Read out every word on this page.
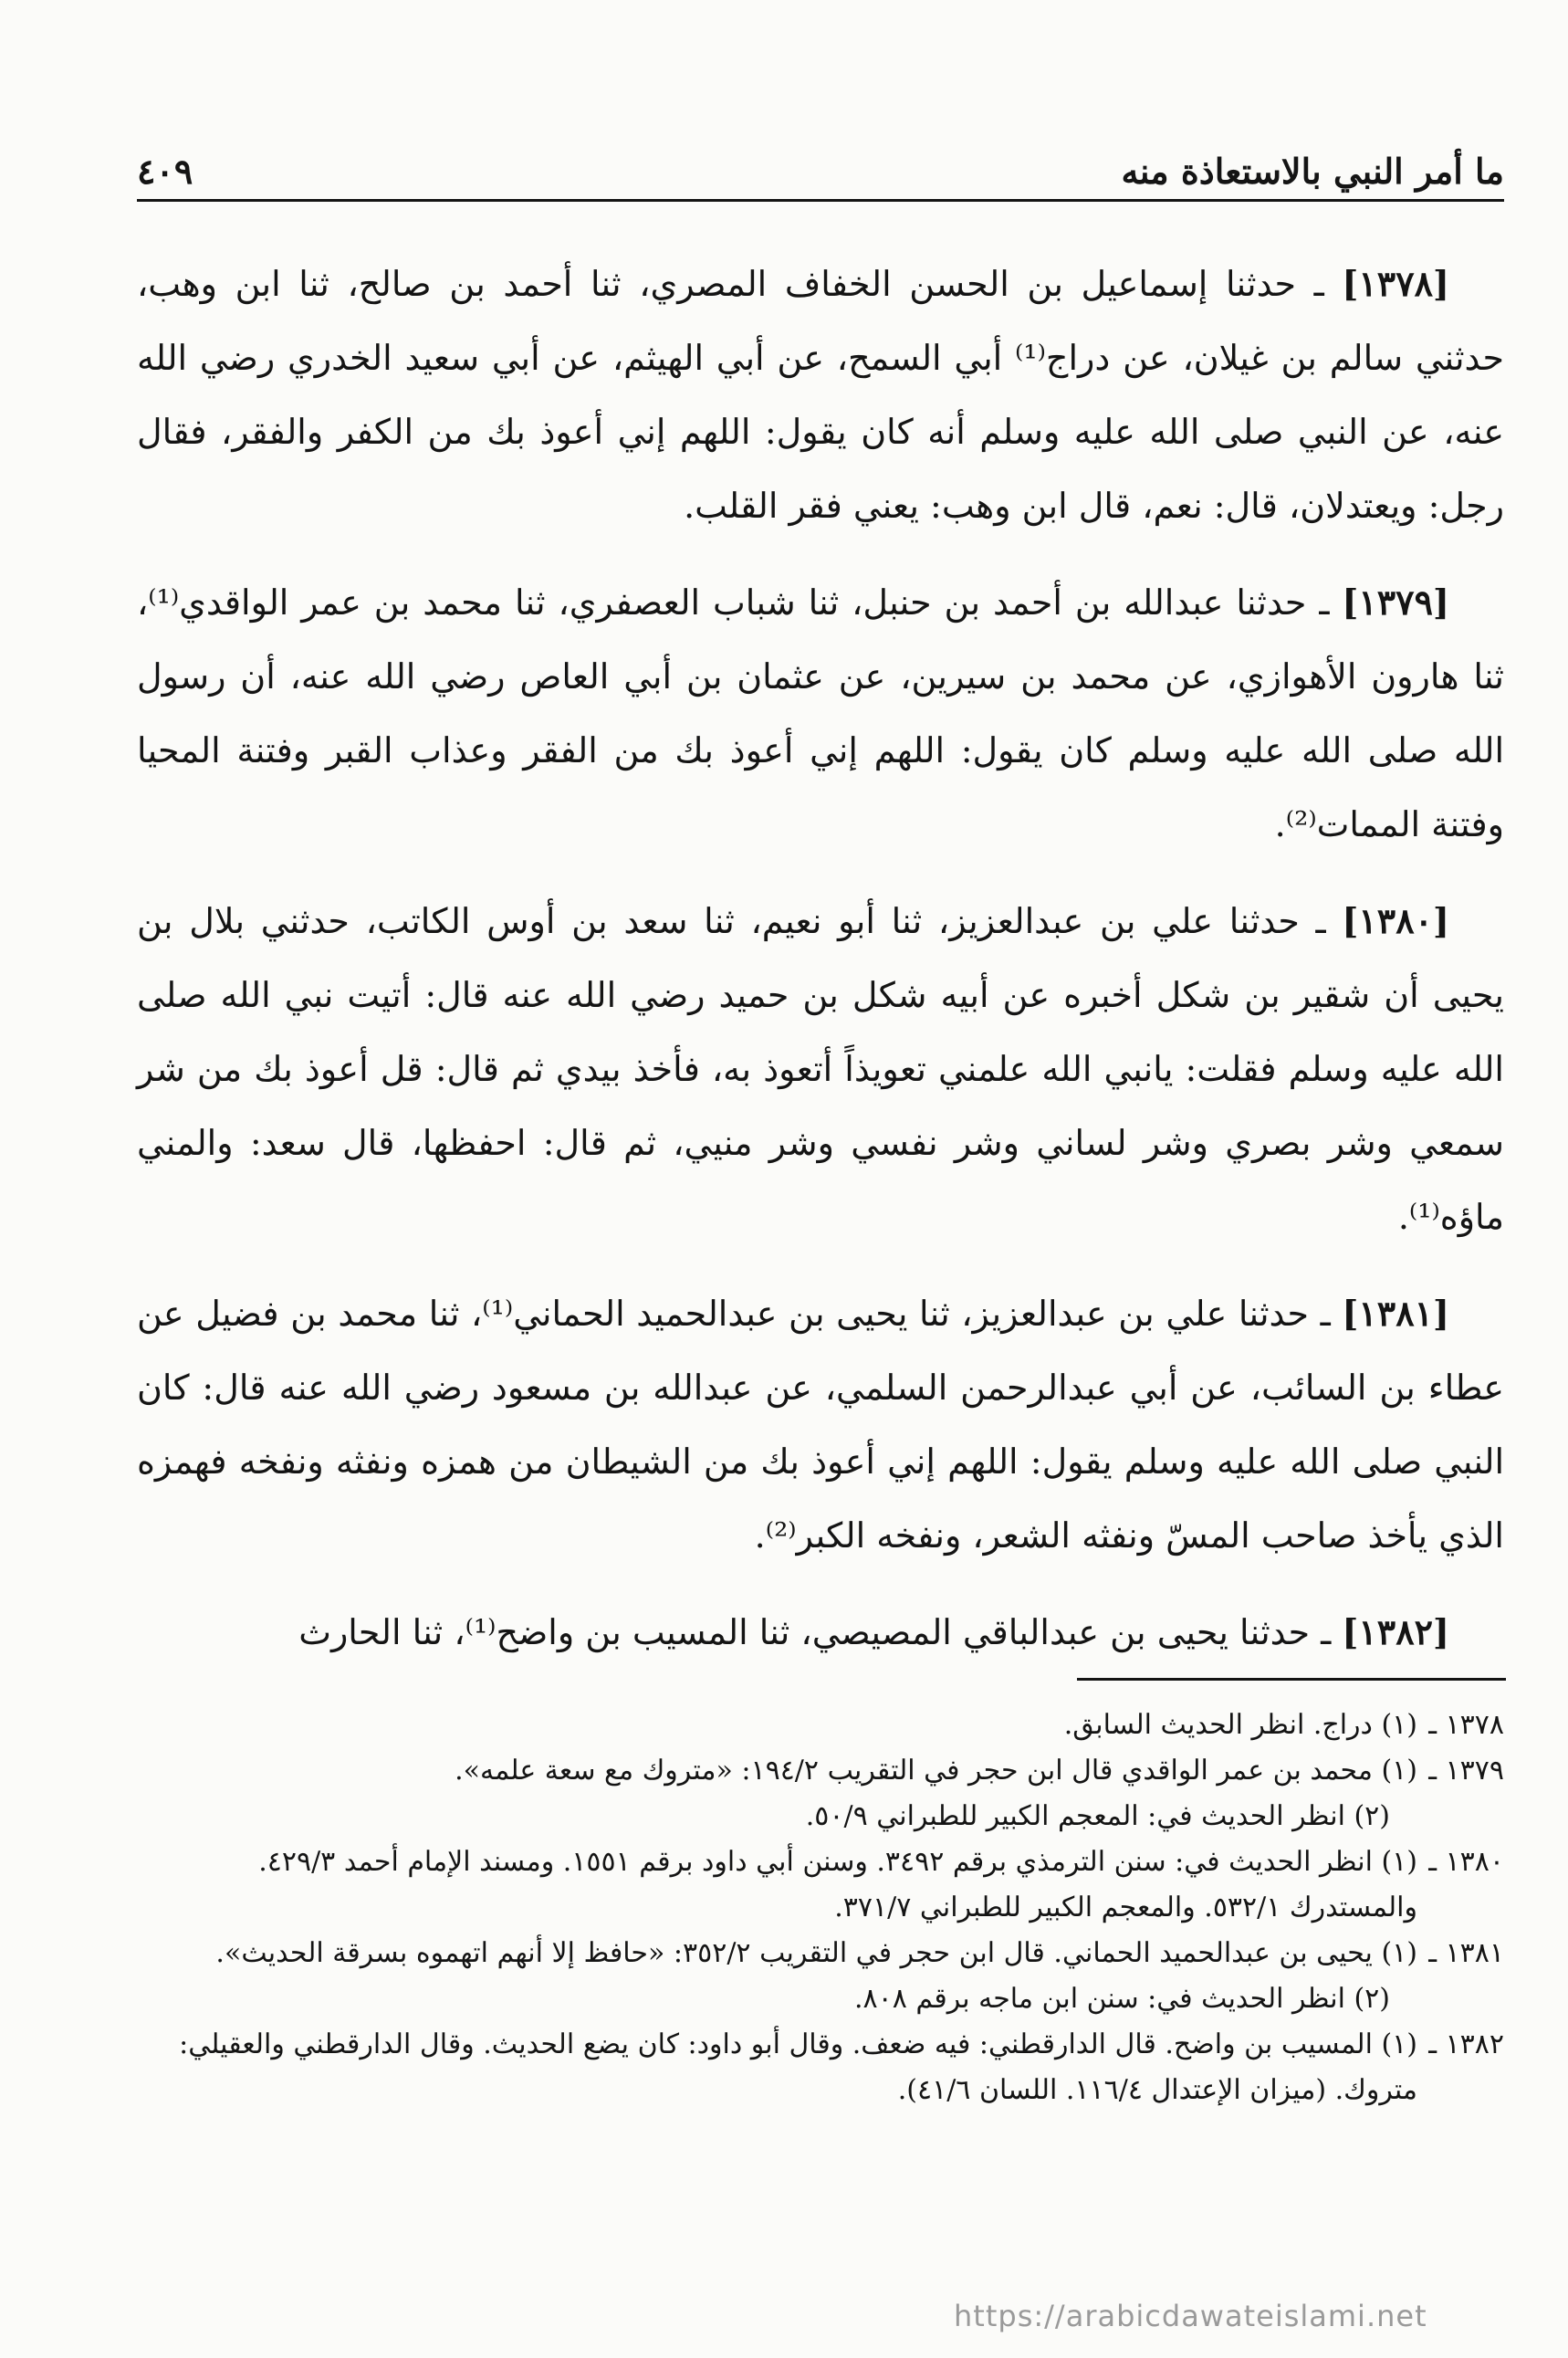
ما أمر النبي بالاستعاذة منه
٤٠٩

[١٣٧٨] ـ حدثنا إسماعيل بن الحسن الخفاف المصري، ثنا أحمد بن صالح، ثنا ابن وهب، حدثني سالم بن غيلان، عن دراج⁽¹⁾ أبي السمح، عن أبي الهيثم، عن أبي سعيد الخدري رضي الله عنه، عن النبي صلى الله عليه وسلم أنه كان يقول: اللهم إني أعوذ بك من الكفر والفقر، فقال رجل: ويعتدلان، قال: نعم، قال ابن وهب: يعني فقر القلب.

[١٣٧٩] ـ حدثنا عبدالله بن أحمد بن حنبل، ثنا شباب العصفري، ثنا محمد بن عمر الواقدي⁽¹⁾، ثنا هارون الأهوازي، عن محمد بن سيرين، عن عثمان بن أبي العاص رضي الله عنه، أن رسول الله صلى الله عليه وسلم كان يقول: اللهم إني أعوذ بك من الفقر وعذاب القبر وفتنة المحيا وفتنة الممات⁽²⁾.

[١٣٨٠] ـ حدثنا علي بن عبدالعزيز، ثنا أبو نعيم، ثنا سعد بن أوس الكاتب، حدثني بلال بن يحيى أن شقير بن شكل أخبره عن أبيه شكل بن حميد رضي الله عنه قال: أتيت نبي الله صلى الله عليه وسلم فقلت: يانبي الله علمني تعويذاً أتعوذ به، فأخذ بيدي ثم قال: قل أعوذ بك من شر سمعي وشر بصري وشر لساني وشر نفسي وشر منيي، ثم قال: احفظها، قال سعد: والمني ماؤه⁽¹⁾.

[١٣٨١] ـ حدثنا علي بن عبدالعزيز، ثنا يحيى بن عبدالحميد الحماني⁽¹⁾، ثنا محمد بن فضيل عن عطاء بن السائب، عن أبي عبدالرحمن السلمي، عن عبدالله بن مسعود رضي الله عنه قال: كان النبي صلى الله عليه وسلم يقول: اللهم إني أعوذ بك من الشيطان من همزه ونفثه ونفخه فهمزه الذي يأخذ صاحب المسّ ونفثه الشعر، ونفخه الكبر⁽²⁾.

[١٣٨٢] ـ حدثنا يحيى بن عبدالباقي المصيصي، ثنا المسيب بن واضح⁽¹⁾، ثنا الحارث

١٣٧٨ ـ

(١) دراج. انظر الحديث السابق.

١٣٧٩ ـ

(١) محمد بن عمر الواقدي قال ابن حجر في التقريب ١٩٤/٢: «متروك مع سعة علمه».

(٢) انظر الحديث في: المعجم الكبير للطبراني ٥٠/٩.

١٣٨٠ ـ

(١) انظر الحديث في: سنن الترمذي برقم ٣٤٩٢. وسنن أبي داود برقم ١٥٥١. ومسند الإمام أحمد ٤٢٩/٣. والمستدرك ٥٣٢/١. والمعجم الكبير للطبراني ٣٧١/٧.

١٣٨١ ـ

(١) يحيى بن عبدالحميد الحماني. قال ابن حجر في التقريب ٣٥٢/٢: «حافظ إلا أنهم اتهموه بسرقة الحديث».

(٢) انظر الحديث في: سنن ابن ماجه برقم ٨٠٨.

١٣٨٢ ـ

(١) المسيب بن واضح. قال الدارقطني: فيه ضعف. وقال أبو داود: كان يضع الحديث. وقال الدارقطني والعقيلي: متروك. (ميزان الإعتدال ١١٦/٤. اللسان ٤١/٦).

https://arabicdawateislami.net
